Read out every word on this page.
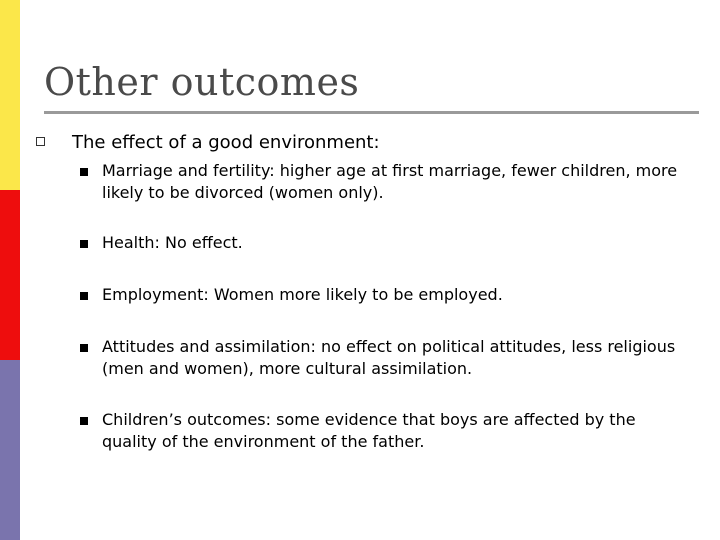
Other outcomes
The effect of a good environment:
Marriage and fertility: higher age at first marriage, fewer children, more likely to be divorced (women only).
Health: No effect.
Employment: Women more likely to be employed.
Attitudes and assimilation: no effect on political attitudes, less religious (men and women), more cultural assimilation.
Children’s outcomes: some evidence that boys are affected by the quality of the environment of the father.
